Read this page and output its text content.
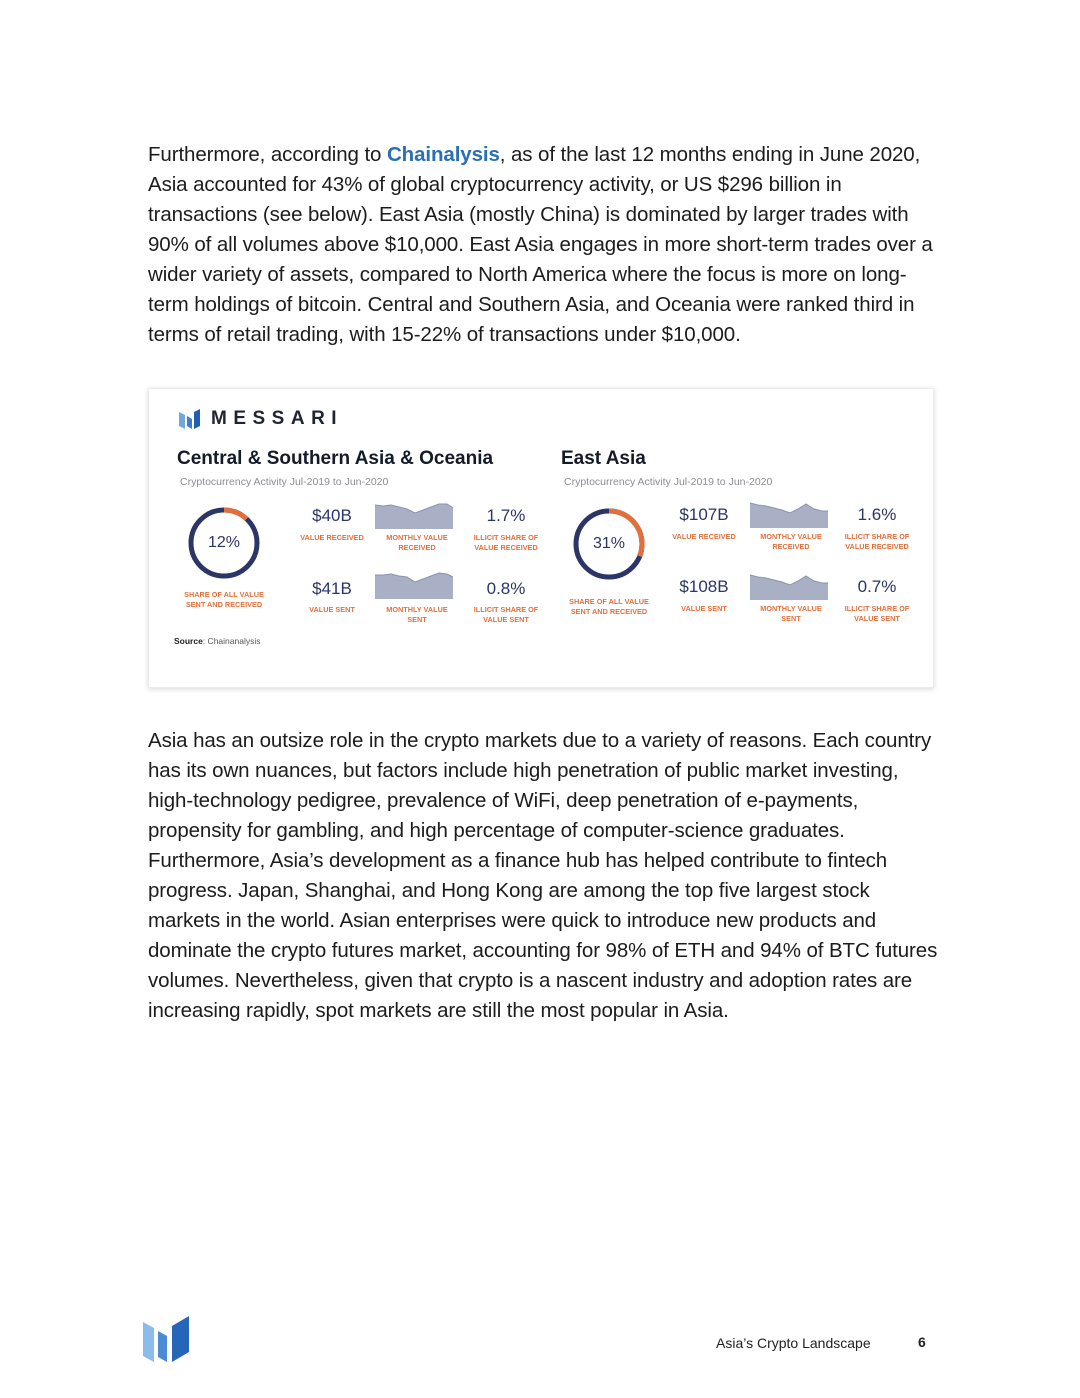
Furthermore, according to Chainalysis, as of the last 12 months ending in June 2020, Asia accounted for 43% of global cryptocurrency activity, or US $296 billion in transactions (see below). East Asia (mostly China) is dominated by larger trades with 90% of all volumes above $10,000. East Asia engages in more short-term trades over a wider variety of assets, compared to North America where the focus is more on long-term holdings of bitcoin. Central and Southern Asia, and Oceania were ranked third in terms of retail trading, with 15-22% of transactions under $10,000.

MESSARI
Central & Southern Asia & Oceania
Cryptocurrency Activity Jul-2019 to Jun-2020
12%
SHARE OF ALL VALUE SENT AND RECEIVED
$40B
VALUE RECEIVED	MONTHLY VALUE RECEIVED
1.7%
ILLICIT SHARE OF VALUE RECEIVED
$41B
VALUE SENT	MONTHLY VALUE SENT
0.8%
ILLICIT SHARE OF VALUE SENT
East Asia
Cryptocurrency Activity Jul-2019 to Jun-2020
31%
SHARE OF ALL VALUE SENT AND RECEIVED
$107B
VALUE RECEIVED	MONTHLY VALUE RECEIVED
1.6%
ILLICIT SHARE OF VALUE RECEIVED
$108B
VALUE SENT	MONTHLY VALUE SENT
0.7%
ILLICIT SHARE OF VALUE SENT
Source: Chainanalysis

Asia has an outsize role in the crypto markets due to a variety of reasons. Each country has its own nuances, but factors include high penetration of public market investing, high-technology pedigree, prevalence of WiFi, deep penetration of e-payments, propensity for gambling, and high percentage of computer-science graduates. Furthermore, Asia’s development as a finance hub has helped contribute to fintech progress. Japan, Shanghai, and Hong Kong are among the top five largest stock markets in the world. Asian enterprises were quick to introduce new products and dominate the crypto futures market, accounting for 98% of ETH and 94% of BTC futures volumes. Nevertheless, given that crypto is a nascent industry and adoption rates are increasing rapidly, spot markets are still the most popular in Asia.

Asia’s Crypto Landscape	6
